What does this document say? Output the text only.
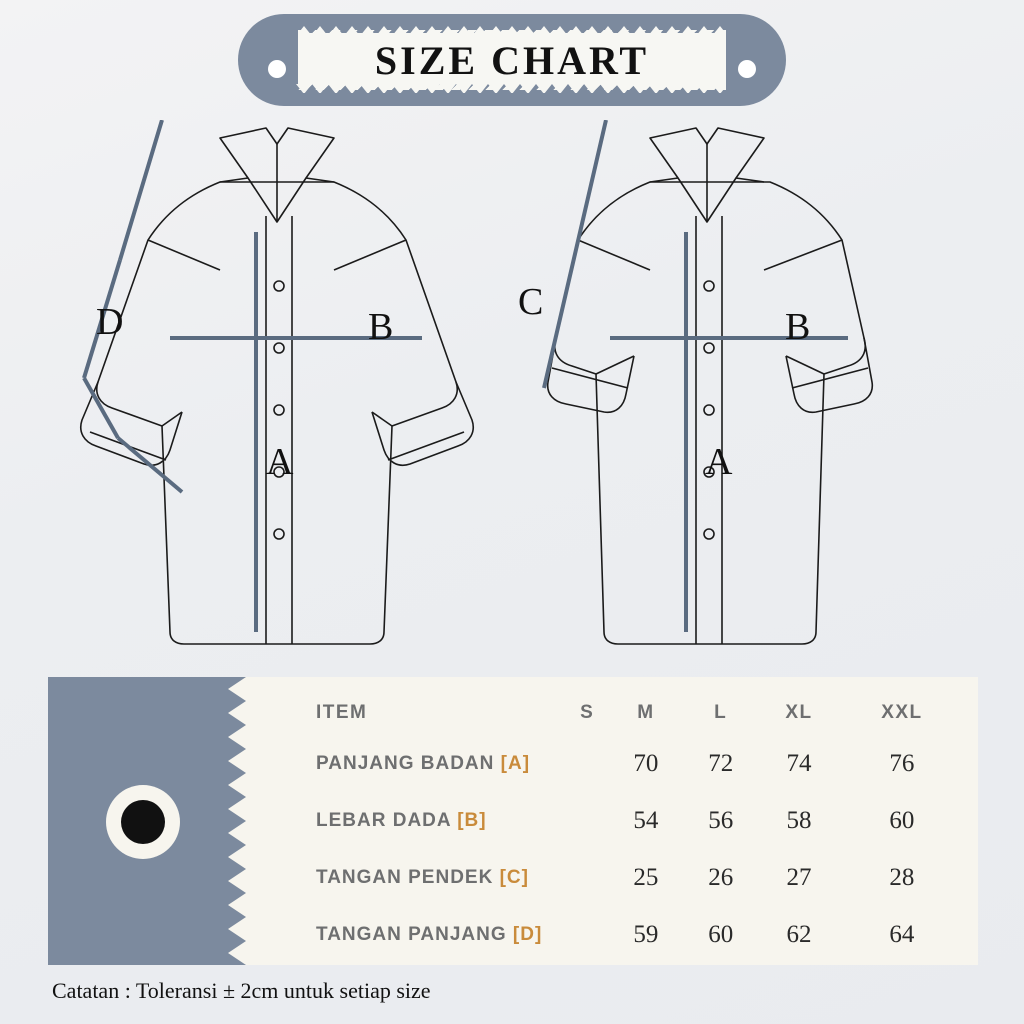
SIZE CHART
D	B
A
C
B
A
ITEM	S	M	L	XL	XXL
PANJANG BADAN [A]		70	72	74	76
LEBAR DADA [B]		54	56	58	60
TANGAN PENDEK [C]		25	26	27	28
TANGAN PANJANG [D]		59	60	62	64
Catatan : Toleransi ± 2cm untuk setiap size
